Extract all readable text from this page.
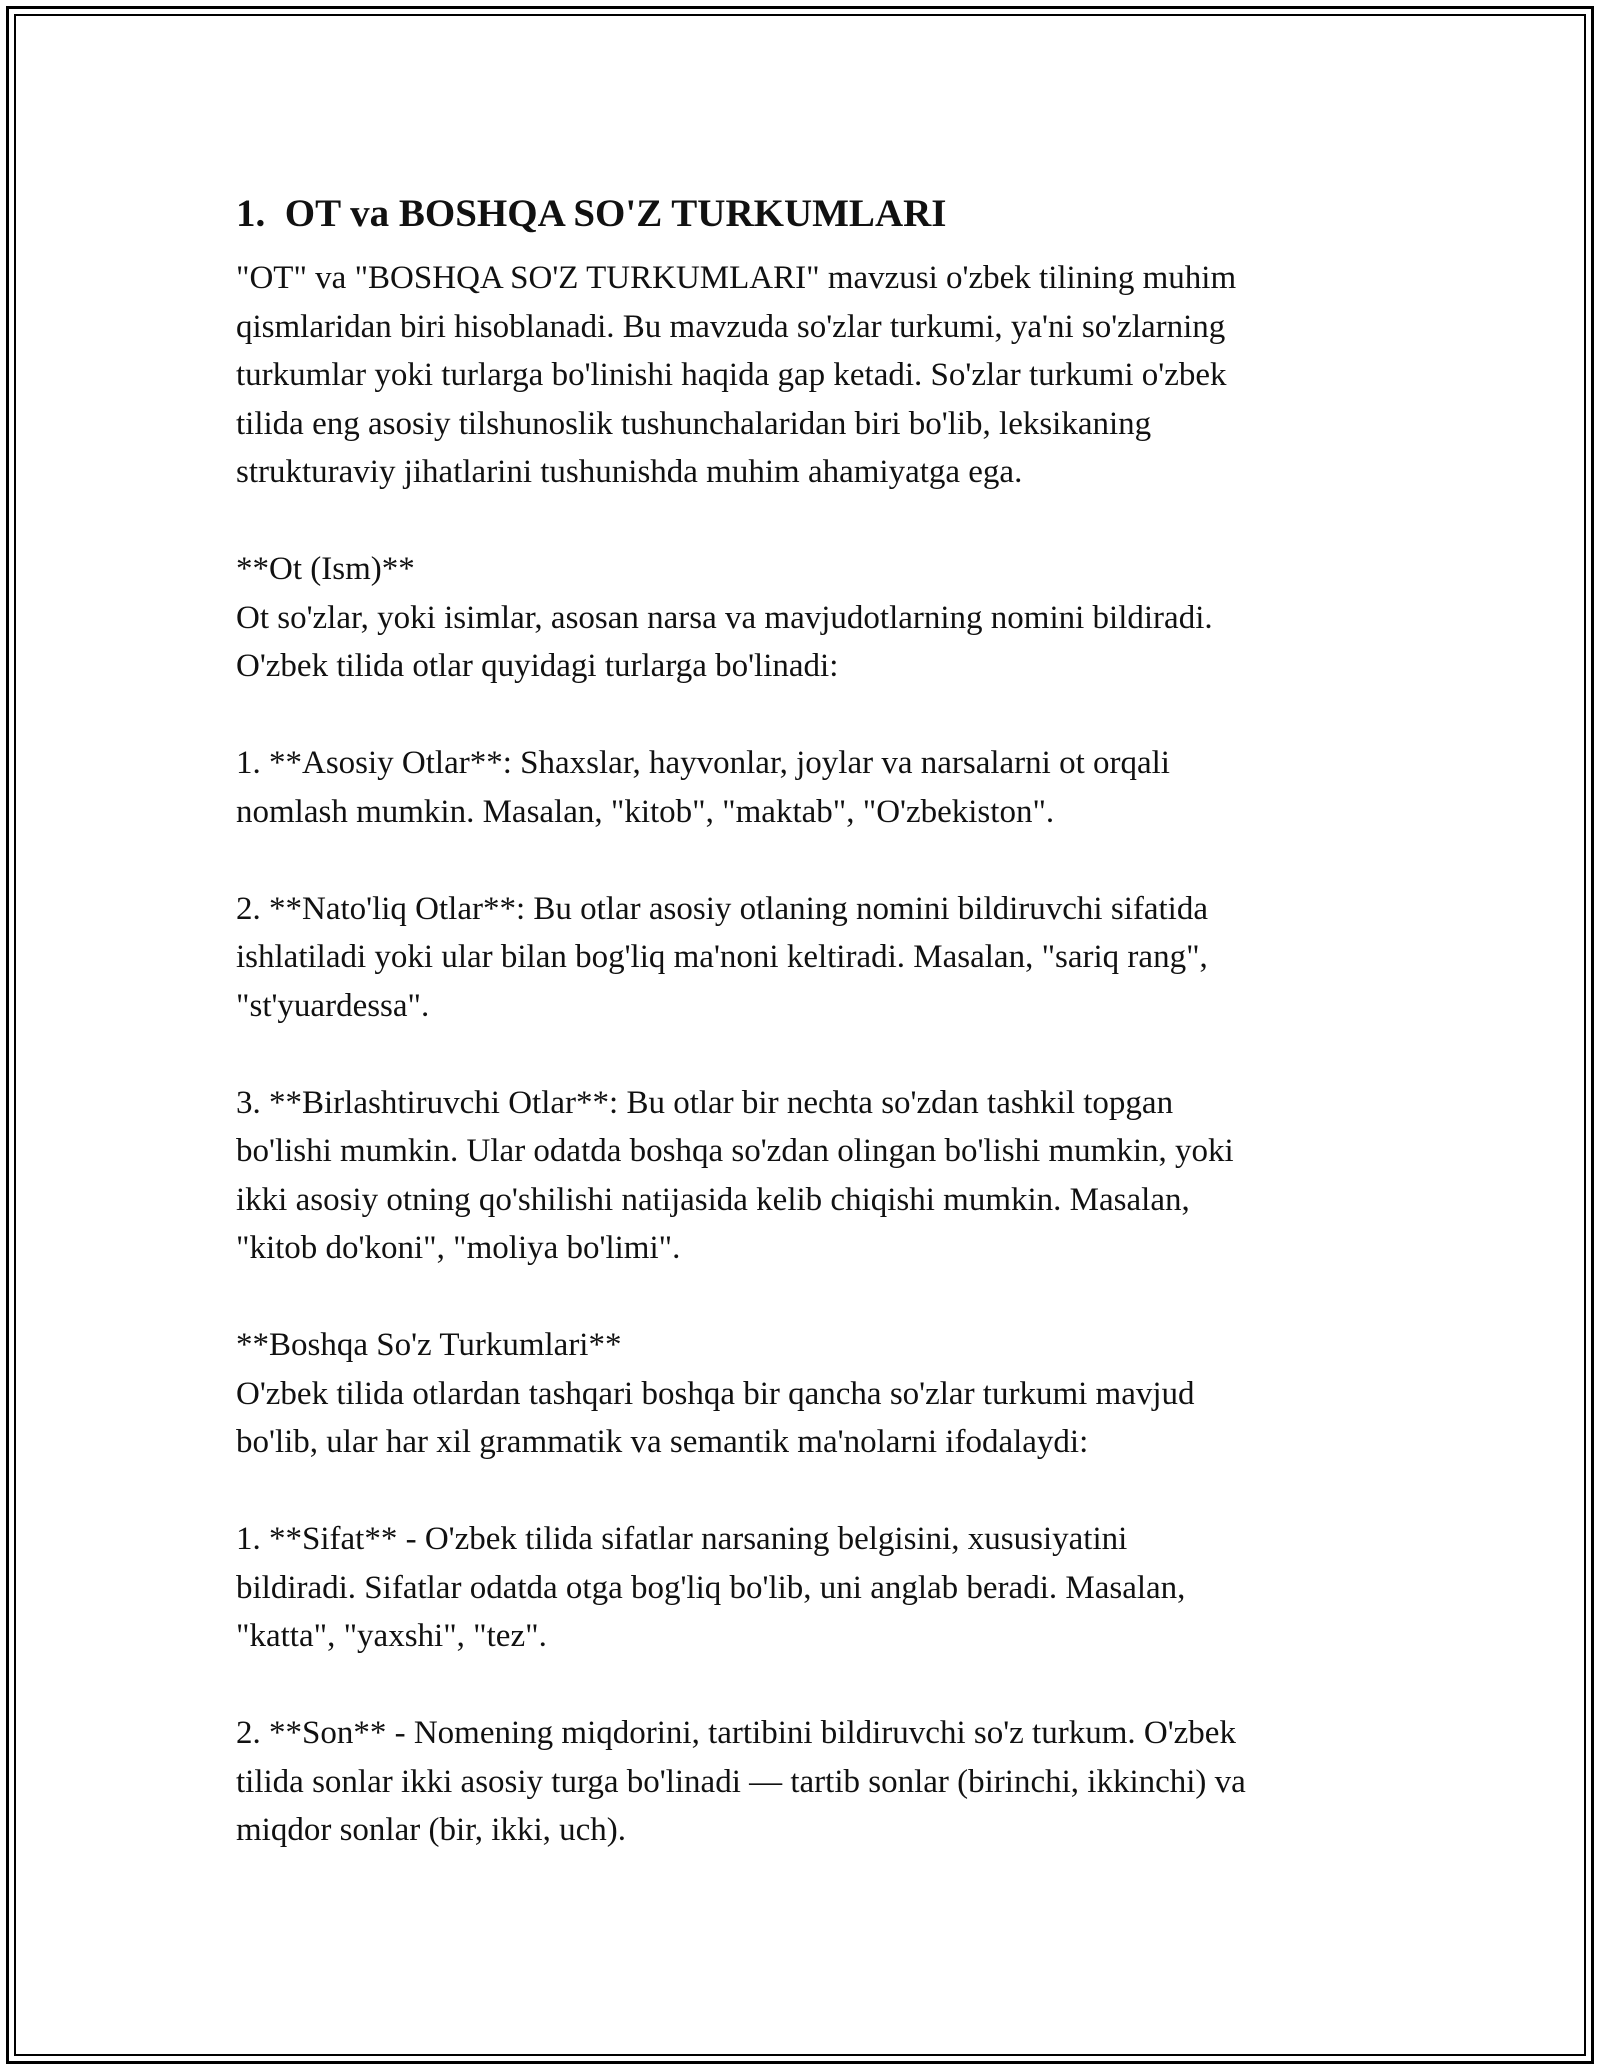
1.  OT va BOSHQA SO'Z TURKUMLARI

"OT" va "BOSHQA SO'Z TURKUMLARI" mavzusi o'zbek tilining muhim
qismlaridan biri hisoblanadi. Bu mavzuda so'zlar turkumi, ya'ni so'zlarning
turkumlar yoki turlarga bo'linishi haqida gap ketadi. So'zlar turkumi o'zbek
tilida eng asosiy tilshunoslik tushunchalaridan biri bo'lib, leksikaning
strukturaviy jihatlarini tushunishda muhim ahamiyatga ega.

**Ot (Ism)**
Ot so'zlar, yoki isimlar, asosan narsa va mavjudotlarning nomini bildiradi.
O'zbek tilida otlar quyidagi turlarga bo'linadi:

1. **Asosiy Otlar**: Shaxslar, hayvonlar, joylar va narsalarni ot orqali
nomlash mumkin. Masalan, "kitob", "maktab", "O'zbekiston".

2. **Nato'liq Otlar**: Bu otlar asosiy otlaning nomini bildiruvchi sifatida
ishlatiladi yoki ular bilan bog'liq ma'noni keltiradi. Masalan, "sariq rang",
"st'yuardessa".

3. **Birlashtiruvchi Otlar**: Bu otlar bir nechta so'zdan tashkil topgan
bo'lishi mumkin. Ular odatda boshqa so'zdan olingan bo'lishi mumkin, yoki
ikki asosiy otning qo'shilishi natijasida kelib chiqishi mumkin. Masalan,
"kitob do'koni", "moliya bo'limi".

**Boshqa So'z Turkumlari**
O'zbek tilida otlardan tashqari boshqa bir qancha so'zlar turkumi mavjud
bo'lib, ular har xil grammatik va semantik ma'nolarni ifodalaydi:

1. **Sifat** - O'zbek tilida sifatlar narsaning belgisini, xususiyatini
bildiradi. Sifatlar odatda otga bog'liq bo'lib, uni anglab beradi. Masalan,
"katta", "yaxshi", "tez".

2. **Son** - Nomening miqdorini, tartibini bildiruvchi so'z turkum. O'zbek
tilida sonlar ikki asosiy turga bo'linadi — tartib sonlar (birinchi, ikkinchi) va
miqdor sonlar (bir, ikki, uch).
